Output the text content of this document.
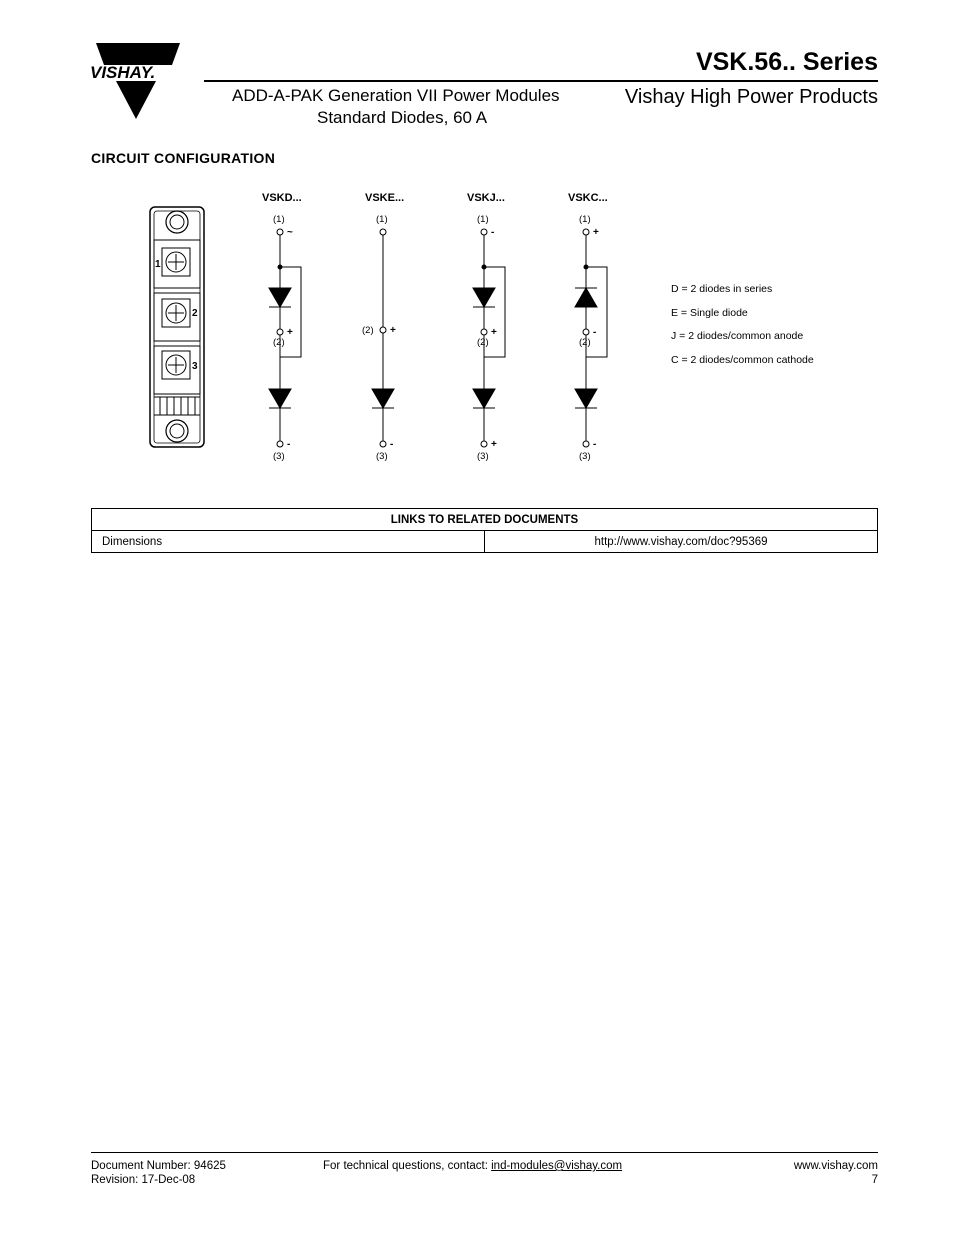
VISHAY.	VSK.56.. Series
ADD-A-PAK Generation VII Power Modules
Standard Diodes, 60 A
Vishay High Power Products
CIRCUIT CONFIGURATION
1
2
3
VSKD...
(1)
~
+
(2)
-
(3)
VSKE...
(1)
(2) +
-
(3)
VSKJ...
(1)
-
+
(2)
+
(3)
VSKC...
(1)
+
-
(2)
-
(3)
D = 2 diodes in series
E = Single diode
J = 2 diodes/common anode
C = 2 diodes/common cathode
LINKS TO RELATED DOCUMENTS
Dimensions	http://www.vishay.com/doc?95369
Document Number: 94625
Revision: 17-Dec-08
For technical questions, contact: ind-modules@vishay.com	www.vishay.com
7
